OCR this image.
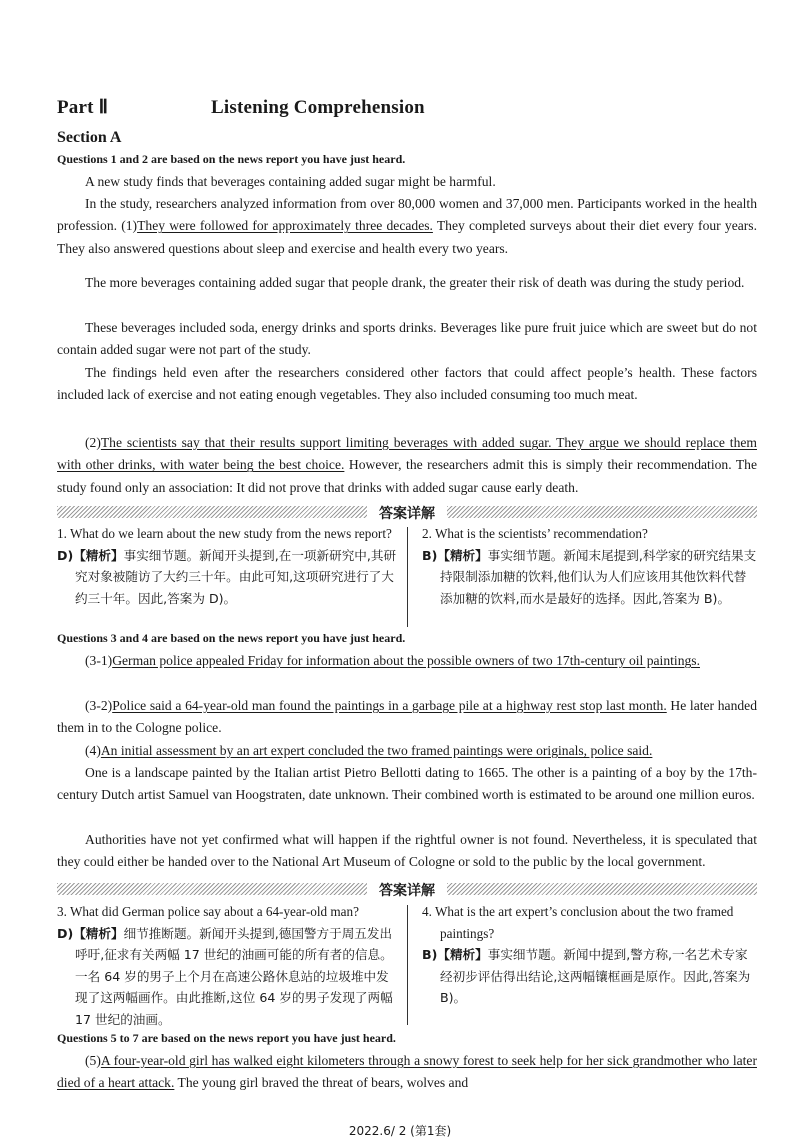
Part Ⅱ	Listening Comprehension
Section A
Questions 1 and 2 are based on the news report you have just heard.

A new study finds that beverages containing added sugar might be harmful.

In the study, researchers analyzed information from over 80,000 women and 37,000 men. Participants worked in the health profession. (1)They were followed for approximately three decades. They completed surveys about their diet every four years. They also answered questions about sleep and exercise and health every two years.

The more beverages containing added sugar that people drank, the greater their risk of death was during the study period.

These beverages included soda, energy drinks and sports drinks. Beverages like pure fruit juice which are sweet but do not contain added sugar were not part of the study.

The findings held even after the researchers considered other factors that could affect people’s health. These factors included lack of exercise and not eating enough vegetables. They also included consuming too much meat.

(2)The scientists say that their results support limiting beverages with added sugar. They argue we should replace them with other drinks, with water being the best choice. However, the researchers admit this is simply their recommendation. The study found only an association: It did not prove that drinks with added sugar cause early death.

答案详解

1. What do we learn about the new study from the news report?

D)【精析】事实细节题。新闻开头提到,在一项新研究中,其研究对象被随访了大约三十年。由此可知,这项研究进行了大约三十年。因此,答案为 D)。

2. What is the scientists’ recommendation?

B)【精析】事实细节题。新闻末尾提到,科学家的研究结果支持限制添加糖的饮料,他们认为人们应该用其他饮料代替添加糖的饮料,而水是最好的选择。因此,答案为 B)。

Questions 3 and 4 are based on the news report you have just heard.

(3-1)German police appealed Friday for information about the possible owners of two 17th-century oil paintings.

(3-2)Police said a 64-year-old man found the paintings in a garbage pile at a highway rest stop last month. He later handed them in to the Cologne police.

(4)An initial assessment by an art expert concluded the two framed paintings were originals, police said.

One is a landscape painted by the Italian artist Pietro Bellotti dating to 1665. The other is a painting of a boy by the 17th-century Dutch artist Samuel van Hoogstraten, date unknown. Their combined worth is estimated to be around one million euros.

Authorities have not yet confirmed what will happen if the rightful owner is not found. Nevertheless, it is speculated that they could either be handed over to the National Art Museum of Cologne or sold to the public by the local government.

答案详解

3. What did German police say about a 64-year-old man?

D)【精析】细节推断题。新闻开头提到,德国警方于周五发出呼吁,征求有关两幅 17 世纪的油画可能的所有者的信息。一名 64 岁的男子上个月在高速公路休息站的垃圾堆中发现了这两幅画作。由此推断,这位 64 岁的男子发现了两幅 17 世纪的油画。

4. What is the art expert’s conclusion about the two framed paintings?

B)【精析】事实细节题。新闻中提到,警方称,一名艺术专家经初步评估得出结论,这两幅镶框画是原作。因此,答案为 B)。

Questions 5 to 7 are based on the news report you have just heard.

(5)A four-year-old girl has walked eight kilometers through a snowy forest to seek help for her sick grandmother who later died of a heart attack. The young girl braved the threat of bears, wolves and

2022.6/ 2 (第1套)
